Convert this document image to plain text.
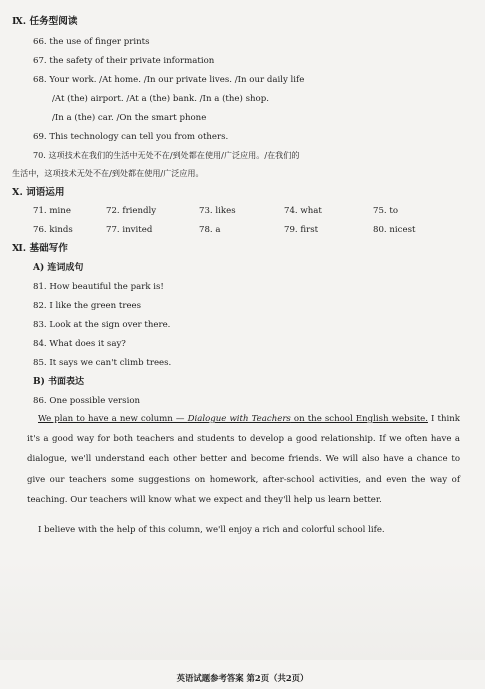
Ⅸ. 任务型阅读
66. the use of finger prints
67. the safety of their private information
68. Your work. /At home. /In our private lives. /In our daily life
/At (the) airport. /At a (the) bank. /In a (the) shop.
/In a (the) car. /On the smart phone
69. This technology can tell you from others.
70. 这项技术在我们的生活中无处不在/到处都在使用/广泛应用。/在我们的
生活中，这项技术无处不在/到处都在使用/广泛应用。
Ⅹ. 词语运用
71. mine	72. friendly	73. likes	74. what	75. to
76. kinds	77. invited	78. a	79. first	80. nicest
Ⅺ. 基础写作
A) 连词成句
81. How beautiful the park is!
82. I like the green trees
83. Look at the sign over there.
84. What does it say?
85. It says we can't climb trees.
B) 书面表达
86. One possible version
We plan to have a new column — Dialogue with Teachers on the school English website. I think it's a good way for both teachers and students to develop a good relationship. If we often have a dialogue, we'll understand each other better and become friends. We will also have a chance to give our teachers some suggestions on homework, after-school activities, and even the way of teaching. Our teachers will know what we expect and they'll help us learn better.
I believe with the help of this column, we'll enjoy a rich and colorful school life.
英语试题参考答案 第2页（共2页）
